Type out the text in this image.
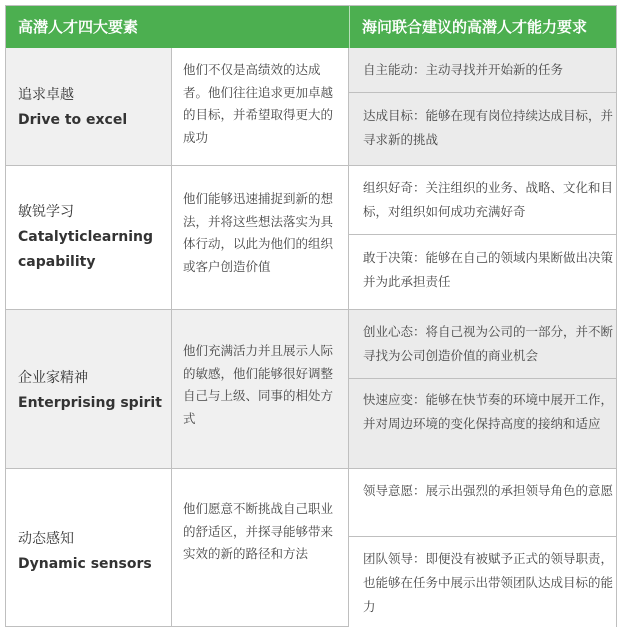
高潜人才四大要素	海问联合建议的高潜人才能力要求
追求卓越
Drive to excel
他们不仅是高绩效的达成者。他们往往追求更加卓越的目标，并希望取得更大的成功
自主能动：主动寻找并开始新的任务
达成目标：能够在现有岗位持续达成目标，并寻求新的挑战
敏锐学习
Catalyticlearning capability
他们能够迅速捕捉到新的想法，并将这些想法落实为具体行动，以此为他们的组织或客户创造价值
组织好奇：关注组织的业务、战略、文化和目标，对组织如何成功充满好奇
敢于决策：能够在自己的领域内果断做出决策并为此承担责任
企业家精神
Enterprising spirit
他们充满活力并且展示人际的敏感，他们能够很好调整自己与上级、同事的相处方式
创业心态：将自己视为公司的一部分，并不断寻找为公司创造价值的商业机会
快速应变：能够在快节奏的环境中展开工作，并对周边环境的变化保持高度的接纳和适应
动态感知
Dynamic sensors
他们愿意不断挑战自己职业的舒适区，并探寻能够带来实效的新的路径和方法
领导意愿：展示出强烈的承担领导角色的意愿
团队领导：即便没有被赋予正式的领导职责，也能够在任务中展示出带领团队达成目标的能力
